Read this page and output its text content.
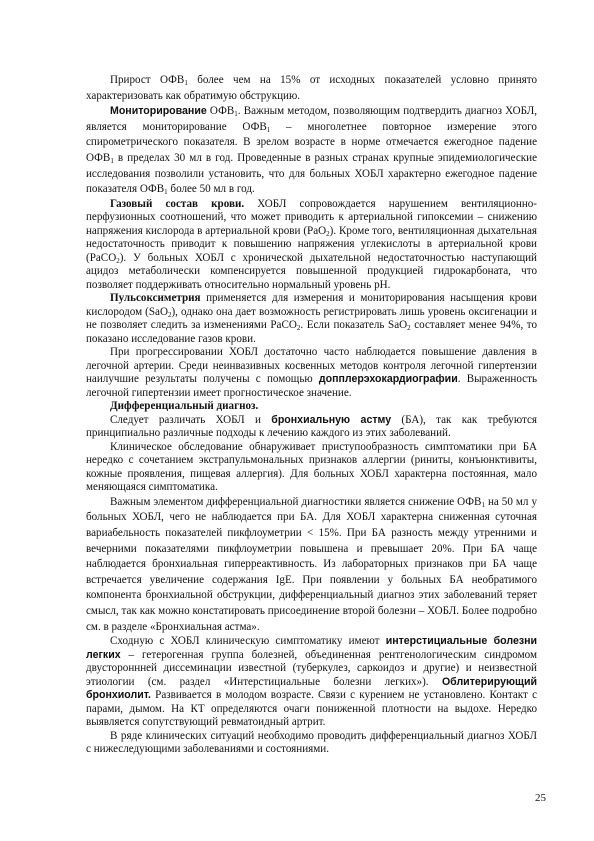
Прирост $ОФВ_1$ более чем на 15% от исходных показателей условно принято характеризовать как обратимую обструкцию.

Мониторирование $ОФВ_1$. Важным методом, позволяющим подтвердить диагноз ХОБЛ, является мониторирование $ОФВ_1$ – многолетнее повторное измерение этого спирометрического показателя. В зрелом возрасте в норме отмечается ежегодное падение $ОФВ_1$ в пределах 30 мл в год. Проведенные в разных странах крупные эпидемиологические исследования позволили установить, что для больных ХОБЛ характерно ежегодное падение показателя $ОФВ_1$ более 50 мл в год.

Газовый состав крови. ХОБЛ сопровождается нарушением вентиляционно-перфузионных соотношений, что может приводить к артериальной гипоксемии – снижению напряжения кислорода в артериальной крови (PaO$_2$). Кроме того, вентиляционная дыхательная недостаточность приводит к повышению напряжения углекислоты в артериальной крови (PaCO$_2$). У больных ХОБЛ с хронической дыхательной недостаточностью наступающий ацидоз метаболически компенсируется повышенной продукцией гидрокарбоната, что позволяет поддерживать относительно нормальный уровень pH.

Пульсоксиметрия применяется для измерения и мониторирования насыщения крови кислородом (SaO$_2$), однако она дает возможность регистрировать лишь уровень оксигенации и не позволяет следить за изменениями PaCO$_2$. Если показатель SaO$_2$ составляет менее 94%, то показано исследование газов крови.

При прогрессировании ХОБЛ достаточно часто наблюдается повышение давления в легочной артерии. Среди неинвазивных косвенных методов контроля легочной гипертензии наилучшие результаты получены с помощью допплерэхокардиографии. Выраженность легочной гипертензии имеет прогностическое значение.

Дифференциальный диагноз.

Следует различать ХОБЛ и бронхиальную астму (БА), так как требуются принципиально различные подходы к лечению каждого из этих заболеваний.

Клиническое обследование обнаруживает приступообразность симптоматики при БА нередко с сочетанием экстрапульмональных признаков аллергии (риниты, конъюнктивиты, кожные проявления, пищевая аллергия). Для больных ХОБЛ характерна постоянная, мало меняющаяся симптоматика.

Важным элементом дифференциальной диагностики является снижение $ОФВ_1$ на 50 мл у больных ХОБЛ, чего не наблюдается при БА. Для ХОБЛ характерна сниженная суточная вариабельность показателей пикфлоуметрии < 15%. При БА разность между утренними и вечерними показателями пикфлоуметрии повышена и превышает 20%. При БА чаще наблюдается бронхиальная гиперреактивность. Из лабораторных признаков при БА чаще встречается увеличение содержания IgE. При появлении у больных БА необратимого компонента бронхиальной обструкции, дифференциальный диагноз этих заболеваний теряет смысл, так как можно констатировать присоединение второй болезни – ХОБЛ. Более подробно см. в разделе «Бронхиальная астма».

Сходную с ХОБЛ клиническую симптоматику имеют интерстициальные болезни легких – гетерогенная группа болезней, объединенная рентгенологическим синдромом двустороннней диссеминации известной (туберкулез, саркоидоз и другие) и неизвестной этиологии (см. раздел «Интерстициальные болезни легких»). Облитерирующий бронхиолит. Развивается в молодом возрасте. Связи с курением не установлено. Контакт с парами, дымом. На КТ определяются очаги пониженной плотности на выдохе. Нередко выявляется сопутствующий ревматоидный артрит.

В ряде клинических ситуаций необходимо проводить дифференциальный диагноз ХОБЛ с нижеследующими заболеваниями и состояниями.

25
